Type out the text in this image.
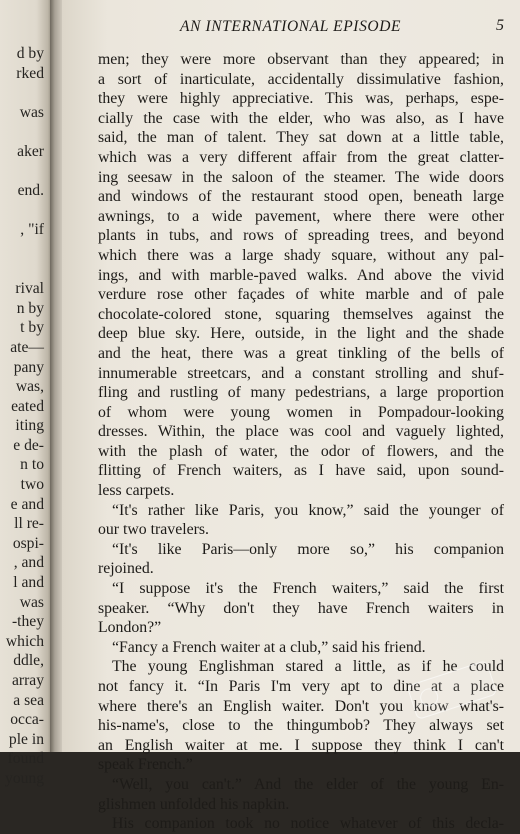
d by
rked
was
aker
end.
, "if
rival
n by
t by
ate—
pany
was,
eated
iting
e de-
n to
two
e and
ll re-
ospi-
, and
l and
was
-they
which
ddle,
array
a sea
occa-
ple in
found
young
AN INTERNATIONAL EPISODE	5
men; they were more observant than they appeared; in
a sort of inarticulate, accidentally dissimulative fashion,
they were highly appreciative. This was, perhaps, espe-
cially the case with the elder, who was also, as I have
said, the man of talent. They sat down at a little table,
which was a very different affair from the great clatter-
ing seesaw in the saloon of the steamer. The wide doors
and windows of the restaurant stood open, beneath large
awnings, to a wide pavement, where there were other
plants in tubs, and rows of spreading trees, and beyond
which there was a large shady square, without any pal-
ings, and with marble-paved walks. And above the vivid
verdure rose other façades of white marble and of pale
chocolate-colored stone, squaring themselves against the
deep blue sky. Here, outside, in the light and the shade
and the heat, there was a great tinkling of the bells of
innumerable streetcars, and a constant strolling and shuf-
fling and rustling of many pedestrians, a large proportion
of whom were young women in Pompadour-looking
dresses. Within, the place was cool and vaguely lighted,
with the plash of water, the odor of flowers, and the
flitting of French waiters, as I have said, upon sound-
less carpets.
“It's rather like Paris, you know,” said the younger of
our two travelers.
“It's like Paris—only more so,” his companion
rejoined.
“I suppose it's the French waiters,” said the first
speaker. “Why don't they have French waiters in
London?”
“Fancy a French waiter at a club,” said his friend.
The young Englishman stared a little, as if he could
not fancy it. “In Paris I'm very apt to dine at a place
where there's an English waiter. Don't you know what's-
his-name's, close to the thingumbob? They always set
an English waiter at me. I suppose they think I can't
speak French.”
“Well, you can't.” And the elder of the young En-
glishmen unfolded his napkin.
His companion took no notice whatever of this decla-
